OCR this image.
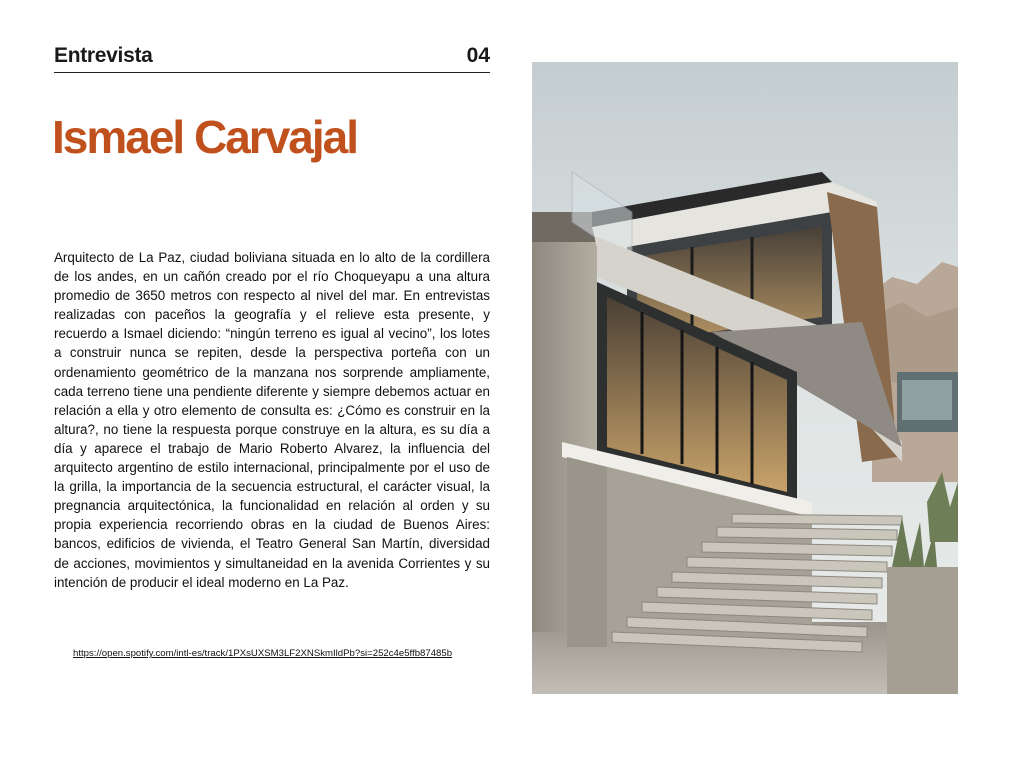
Entrevista	04
Ismael Carvajal
Arquitecto de La Paz, ciudad boliviana situada en lo alto de la cordillera de los andes, en un cañón creado por el río Choqueyapu a una altura promedio de 3650 metros con respecto al nivel del mar. En entrevistas realizadas con paceños la geografía y el relieve esta presente, y recuerdo a Ismael diciendo: “ningún terreno es igual al vecino”, los lotes a construir nunca se repiten, desde la perspectiva porteña con un ordenamiento geométrico de la manzana nos sorprende ampliamente, cada terreno tiene una pendiente diferente y siempre debemos actuar en relación a ella y otro elemento de consulta es: ¿Cómo es construir en la altura?, no tiene la respuesta porque construye en la altura, es su día a día y aparece el trabajo de Mario Roberto Alvarez, la influencia del arquitecto argentino de estilo internacional, principalmente por el uso de la grilla, la importancia de la secuencia estructural, el carácter visual, la pregnancia arquitectónica, la funcionalidad en relación al orden y su propia experiencia recorriendo obras en la ciudad de Buenos Aires: bancos, edificios de vivienda, el Teatro General San Martín, diversidad de acciones, movimientos y simultaneidad en la avenida Corrientes y su intención de producir el ideal moderno en La Paz.
https://open.spotify.com/intl-es/track/1PXsUXSM3LF2XNSkmIldPb?si=252c4e5ffb87485b
